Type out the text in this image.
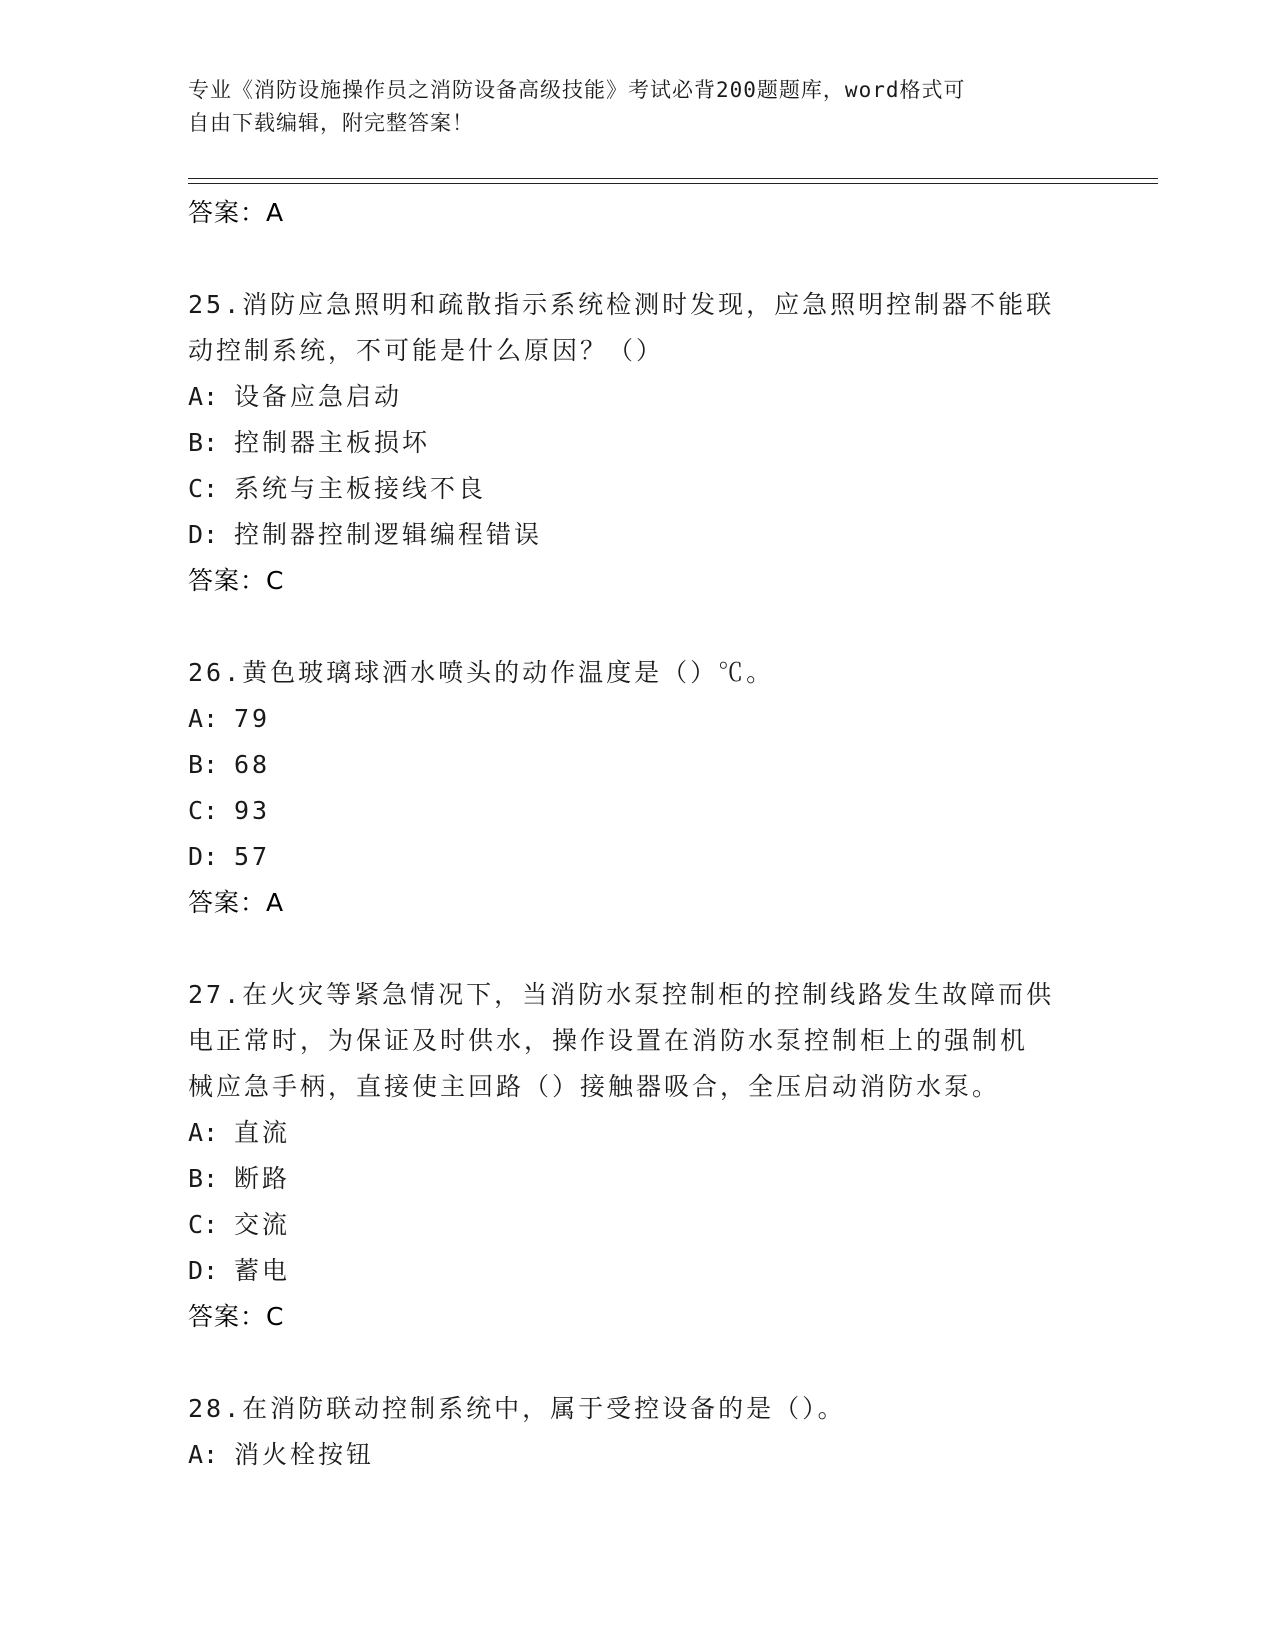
专业《消防设施操作员之消防设备高级技能》考试必背200题题库，word格式可
自由下载编辑，附完整答案！
答案：A
25.消防应急照明和疏散指示系统检测时发现，应急照明控制器不能联
动控制系统，不可能是什么原因？（）
A: 设备应急启动
B: 控制器主板损坏
C: 系统与主板接线不良
D: 控制器控制逻辑编程错误
答案：C
26.黄色玻璃球洒水喷头的动作温度是（）℃。
A: 79
B: 68
C: 93
D: 57
答案：A
27.在火灾等紧急情况下，当消防水泵控制柜的控制线路发生故障而供
电正常时，为保证及时供水，操作设置在消防水泵控制柜上的强制机
械应急手柄，直接使主回路（）接触器吸合，全压启动消防水泵。
A: 直流
B: 断路
C: 交流
D: 蓄电
答案：C
28.在消防联动控制系统中，属于受控设备的是（）。
A: 消火栓按钮
